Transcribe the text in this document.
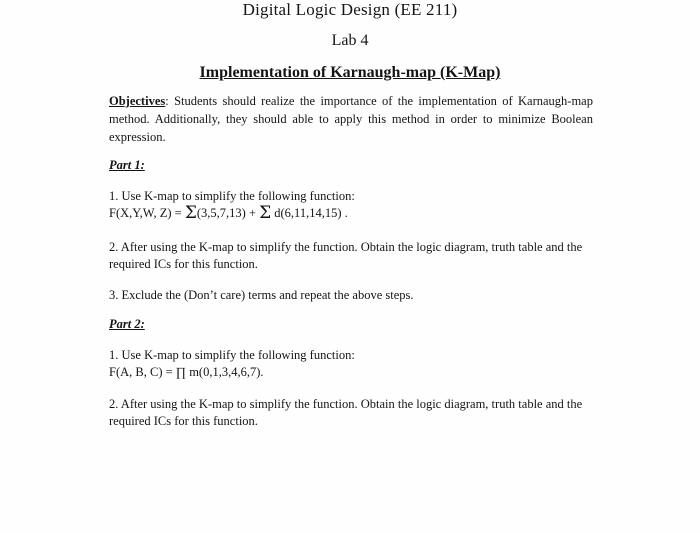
Digital Logic Design (EE 211)
Lab 4
Implementation of Karnaugh-map (K-Map)
Objectives: Students should realize the importance of the implementation of Karnaugh-map method. Additionally, they should able to apply this method in order to minimize Boolean expression.
Part 1:
1. Use K-map to simplify the following function:
F(X,Y,W, Z) = Σ(3,5,7,13) + Σ d(6,11,14,15) .
2. After using the K-map to simplify the function. Obtain the logic diagram, truth table and the required ICs for this function.
3. Exclude the (Don’t care) terms and repeat the above steps.
Part 2:
1. Use K-map to simplify the following function:
F(A, B, C) = ∏ m(0,1,3,4,6,7).
2. After using the K-map to simplify the function. Obtain the logic diagram, truth table and the required ICs for this function.
